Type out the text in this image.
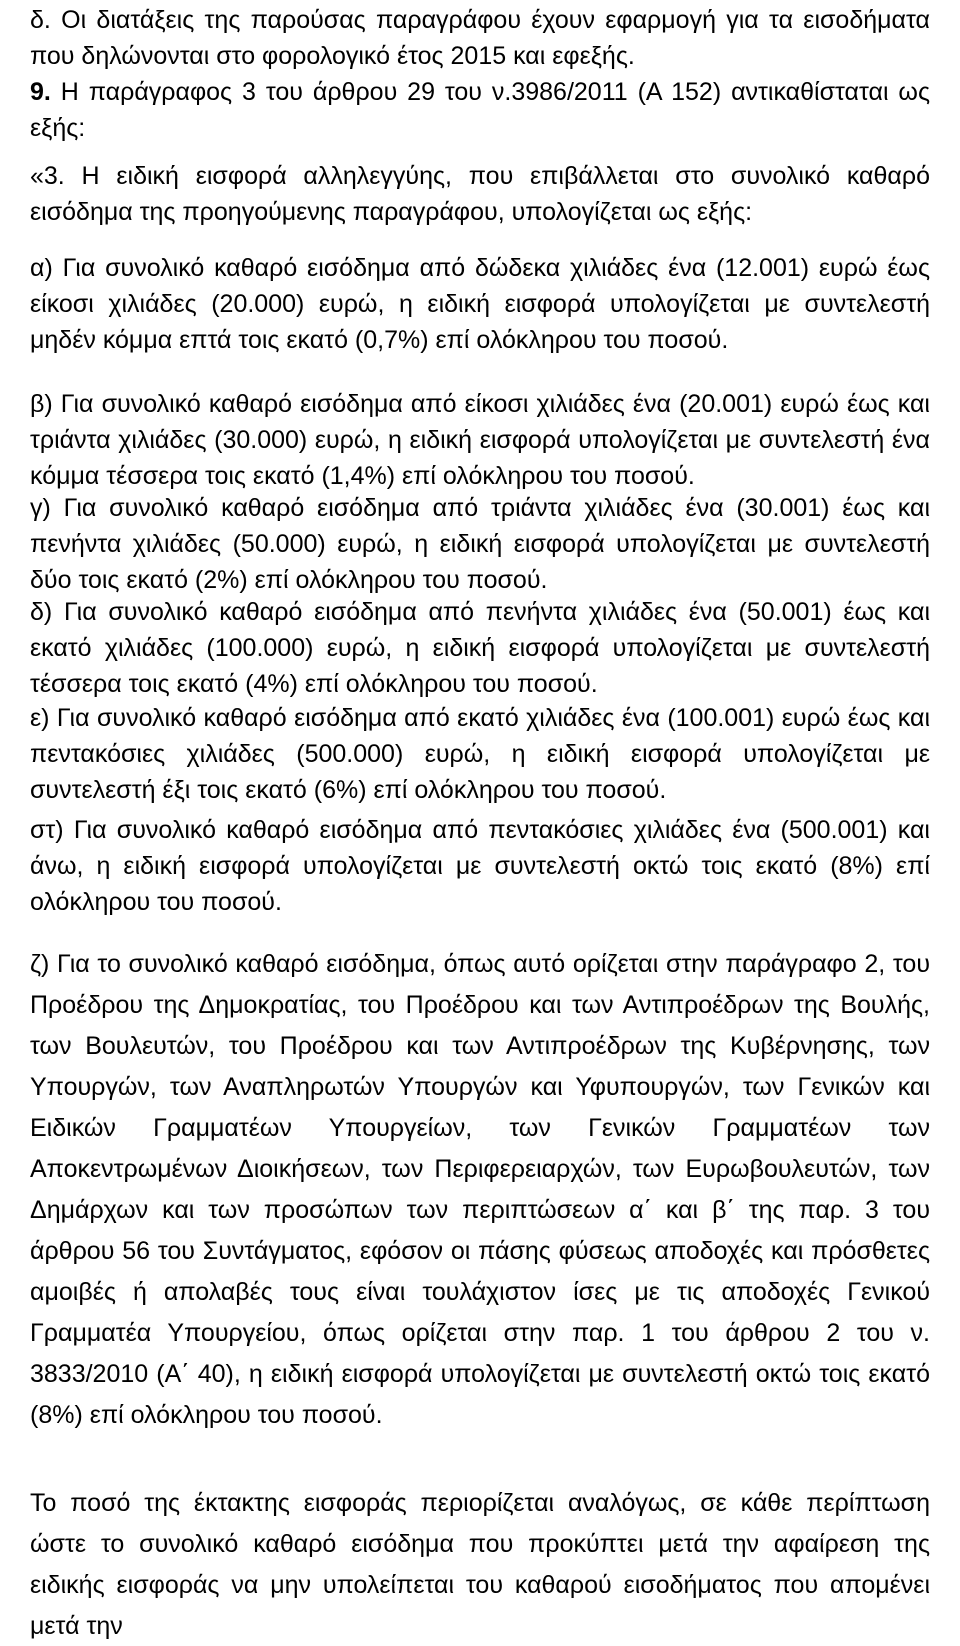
δ. Οι διατάξεις της παρούσας παραγράφου έχουν εφαρμογή για τα εισοδήματα που δηλώνονται στο φορολογικό έτος 2015 και εφεξής.

9. Η παράγραφος 3 του άρθρου 29 του ν.3986/2011 (Α 152) αντικαθίσταται ως εξής:

«3. Η ειδική εισφορά αλληλεγγύης, που επιβάλλεται στο συνολικό καθαρό εισόδημα της προηγούμενης παραγράφου, υπολογίζεται ως εξής:

α) Για συνολικό καθαρό εισόδημα από δώδεκα χιλιάδες ένα (12.001) ευρώ έως είκοσι χιλιάδες (20.000) ευρώ, η ειδική εισφορά υπολογίζεται με συντελεστή μηδέν κόμμα επτά τοις εκατό (0,7%) επί ολόκληρου του ποσού.

β) Για συνολικό καθαρό εισόδημα από είκοσι χιλιάδες ένα (20.001) ευρώ έως και τριάντα χιλιάδες (30.000) ευρώ, η ειδική εισφορά υπολογίζεται με συντελεστή ένα κόμμα τέσσερα τοις εκατό (1,4%) επί ολόκληρου του ποσού.

γ) Για συνολικό καθαρό εισόδημα από τριάντα χιλιάδες ένα (30.001) έως και πενήντα χιλιάδες (50.000) ευρώ, η ειδική εισφορά υπολογίζεται με συντελεστή δύο τοις εκατό (2%) επί ολόκληρου του ποσού.

δ) Για συνολικό καθαρό εισόδημα από πενήντα χιλιάδες ένα (50.001) έως και εκατό χιλιάδες (100.000) ευρώ, η ειδική εισφορά υπολογίζεται με συντελεστή τέσσερα τοις εκατό (4%) επί ολόκληρου του ποσού.

ε) Για συνολικό καθαρό εισόδημα από εκατό χιλιάδες ένα (100.001) ευρώ έως και πεντακόσιες χιλιάδες (500.000) ευρώ, η ειδική εισφορά υπολογίζεται με συντελεστή έξι τοις εκατό (6%) επί ολόκληρου του ποσού.

στ) Για συνολικό καθαρό εισόδημα από πεντακόσιες χιλιάδες ένα (500.001) και άνω, η ειδική εισφορά υπολογίζεται με συντελεστή οκτώ τοις εκατό (8%) επί ολόκληρου του ποσού.

ζ) Για το συνολικό καθαρό εισόδημα, όπως αυτό ορίζεται στην παράγραφο 2, του Προέδρου της Δημοκρατίας, του Προέδρου και των Αντιπροέδρων της Βουλής, των Βουλευτών, του Προέδρου και των Αντιπροέδρων της Κυβέρνησης, των Υπουργών, των Αναπληρωτών Υπουργών και Υφυπουργών, των Γενικών και Ειδικών Γραμματέων Υπουργείων, των Γενικών Γραμματέων των Αποκεντρωμένων Διοικήσεων, των Περιφερειαρχών, των Ευρωβουλευτών, των Δημάρχων και των προσώπων των περιπτώσεων α΄ και β΄ της παρ. 3 του άρθρου 56 του Συντάγματος, εφόσον οι πάσης φύσεως αποδοχές και πρόσθετες αμοιβές ή απολαβές τους είναι τουλάχιστον ίσες με τις αποδοχές Γενικού Γραμματέα Υπουργείου, όπως ορίζεται στην παρ. 1 του άρθρου 2 του ν. 3833/2010 (Α΄ 40), η ειδική εισφορά υπολογίζεται με συντελεστή οκτώ τοις εκατό (8%) επί ολόκληρου του ποσού.

Το ποσό της έκτακτης εισφοράς περιορίζεται αναλόγως, σε κάθε περίπτωση ώστε το συνολικό καθαρό εισόδημα που προκύπτει μετά την αφαίρεση της ειδικής εισφοράς να μην υπολείπεται του καθαρού εισοδήματος που απομένει μετά την
